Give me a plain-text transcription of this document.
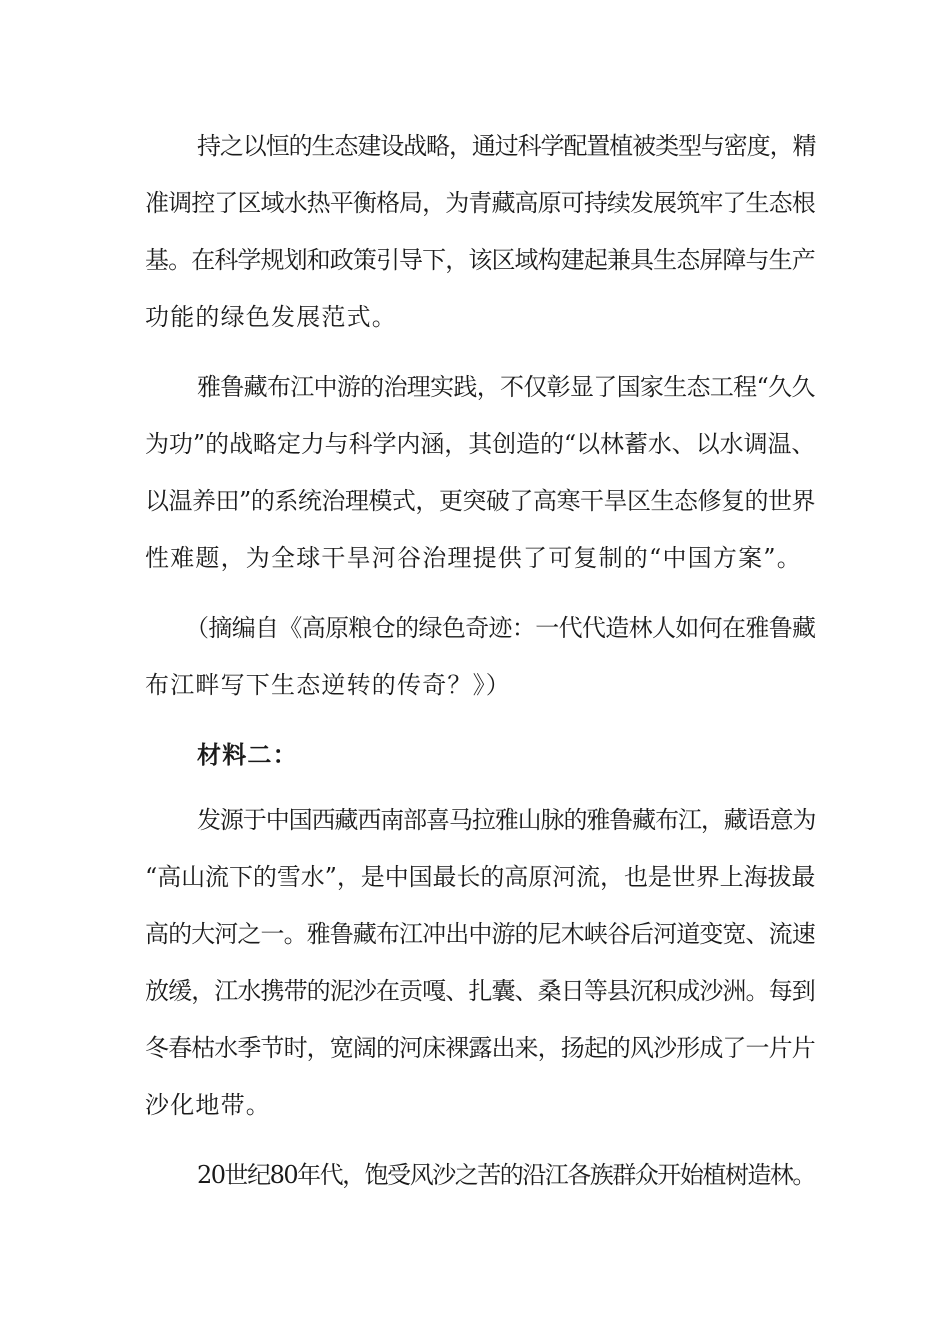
持之以恒的生态建设战略，通过科学配置植被类型与密度，精
准调控了区域水热平衡格局，为青藏高原可持续发展筑牢了生态根
基。在科学规划和政策引导下，该区域构建起兼具生态屏障与生产
功能的绿色发展范式。
雅鲁藏布江中游的治理实践，不仅彰显了国家生态工程“久久
为功”的战略定力与科学内涵，其创造的“以林蓄水、以水调温、
以温养田”的系统治理模式，更突破了高寒干旱区生态修复的世界
性难题，为全球干旱河谷治理提供了可复制的“中国方案”。
（摘编自《高原粮仓的绿色奇迹：一代代造林人如何在雅鲁藏
布江畔写下生态逆转的传奇？》）
材料二：
发源于中国西藏西南部喜马拉雅山脉的雅鲁藏布江，藏语意为
“高山流下的雪水”，是中国最长的高原河流，也是世界上海拔最
高的大河之一。雅鲁藏布江冲出中游的尼木峡谷后河道变宽、流速
放缓，江水携带的泥沙在贡嘎、扎囊、桑日等县沉积成沙洲。每到
冬春枯水季节时，宽阔的河床裸露出来，扬起的风沙形成了一片片
沙化地带。
20世纪80年代，饱受风沙之苦的沿江各族群众开始植树造林。
